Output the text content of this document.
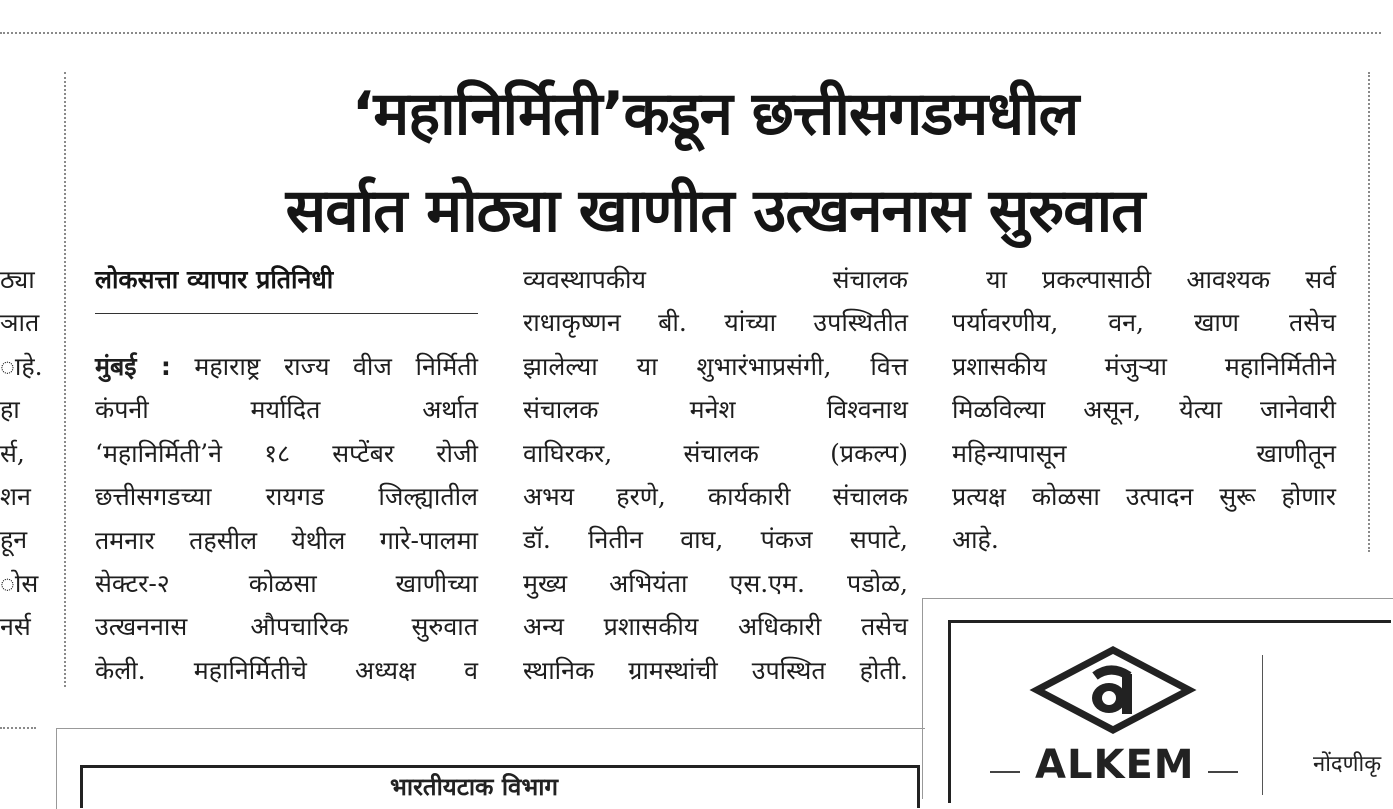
ठ्या
ञात
ाहे.
हा
र्स,
शन
हून
ोस
नर्स
‘महानिर्मिती’कडून छत्तीसगडमधील
सर्वात मोठ्या खाणीत उत्खननास सुरुवात
लोकसत्ता व्यापार प्रतिनिधी
मुंबई : महाराष्ट्र राज्य वीज निर्मिती
कंपनी मर्यादित अर्थात
‘महानिर्मिती’ने १८ सप्टेंबर रोजी
छत्तीसगडच्या रायगड जिल्ह्यातील
तमनार तहसील येथील गारे-पालमा
सेक्टर-२ कोळसा खाणीच्या
उत्खननास औपचारिक सुरुवात
केली. महानिर्मितीचे अध्यक्ष व
व्यवस्थापकीय संचालक
राधाकृष्णन बी. यांच्या उपस्थितीत
झालेल्या या शुभारंभाप्रसंगी, वित्त
संचालक मनेश विश्वनाथ
वाघिरकर, संचालक (प्रकल्प)
अभय हरणे, कार्यकारी संचालक
डॉ. नितीन वाघ, पंकज सपाटे,
मुख्य अभियंता एस.एम. पडोळ,
अन्य प्रशासकीय अधिकारी तसेच
स्थानिक ग्रामस्थांची उपस्थित होती.
या प्रकल्पासाठी आवश्यक सर्व
पर्यावरणीय, वन, खाण तसेच
प्रशासकीय मंजुऱ्या महानिर्मितीने
मिळविल्या असून, येत्या जानेवारी
महिन्यापासून खाणीतून
प्रत्यक्ष कोळसा उत्पादन सुरू होणार
आहे.
ALKEM	नोंदणीकृ
भारतीयटाक विभाग
